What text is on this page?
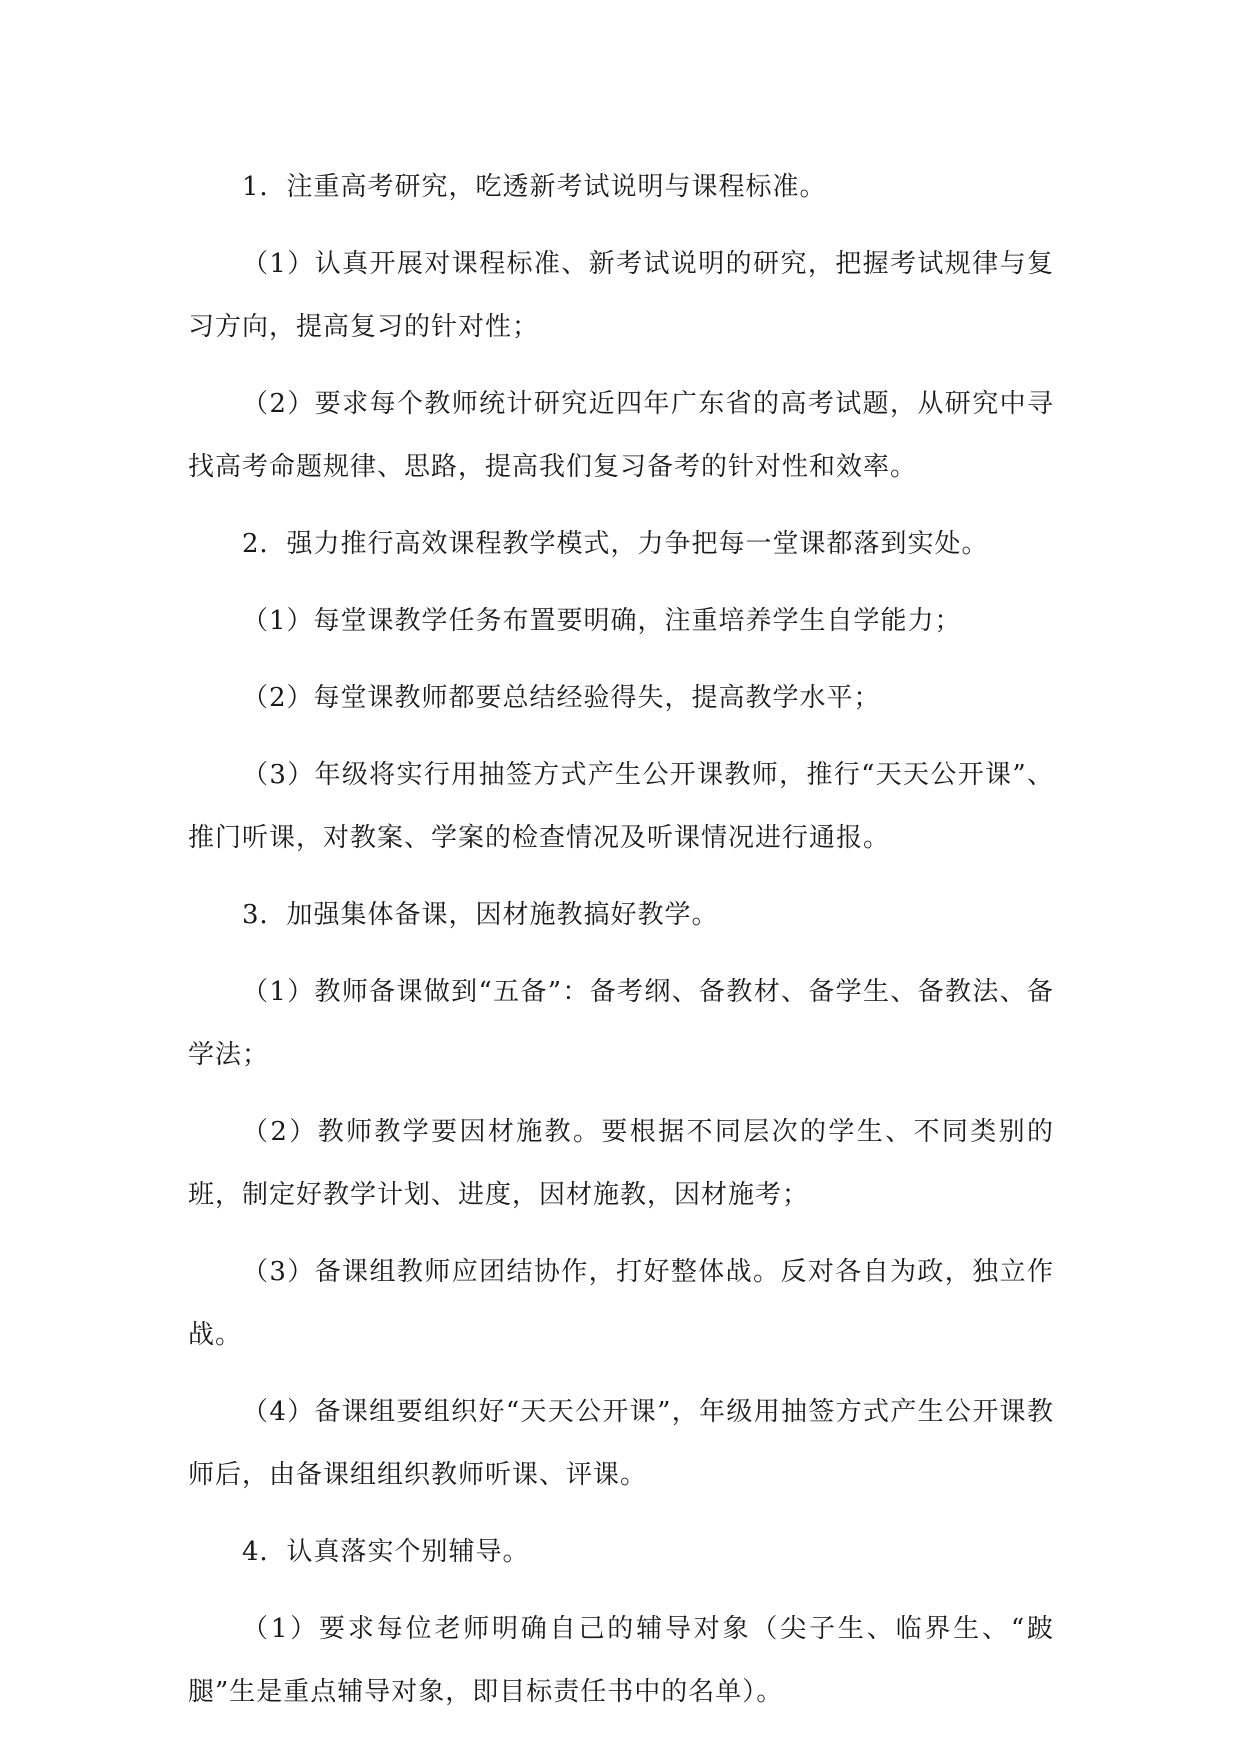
1．注重高考研究，吃透新考试说明与课程标准。

（1）认真开展对课程标准、新考试说明的研究，把握考试规律与复习方向，提高复习的针对性；

（2）要求每个教师统计研究近四年广东省的高考试题，从研究中寻找高考命题规律、思路，提高我们复习备考的针对性和效率。

2．强力推行高效课程教学模式，力争把每一堂课都落到实处。

（1）每堂课教学任务布置要明确，注重培养学生自学能力；

（2）每堂课教师都要总结经验得失，提高教学水平；

（3）年级将实行用抽签方式产生公开课教师，推行“天天公开课”、推门听课，对教案、学案的检查情况及听课情况进行通报。

3．加强集体备课，因材施教搞好教学。

（1）教师备课做到“五备”：备考纲、备教材、备学生、备教法、备学法；

（2）教师教学要因材施教。要根据不同层次的学生、不同类别的班，制定好教学计划、进度，因材施教，因材施考；

（3）备课组教师应团结协作，打好整体战。反对各自为政，独立作战。

（4）备课组要组织好“天天公开课”，年级用抽签方式产生公开课教师后，由备课组组织教师听课、评课。

4．认真落实个别辅导。

（1）要求每位老师明确自己的辅导对象（尖子生、临界生、“跛腿”生是重点辅导对象，即目标责任书中的名单）。
